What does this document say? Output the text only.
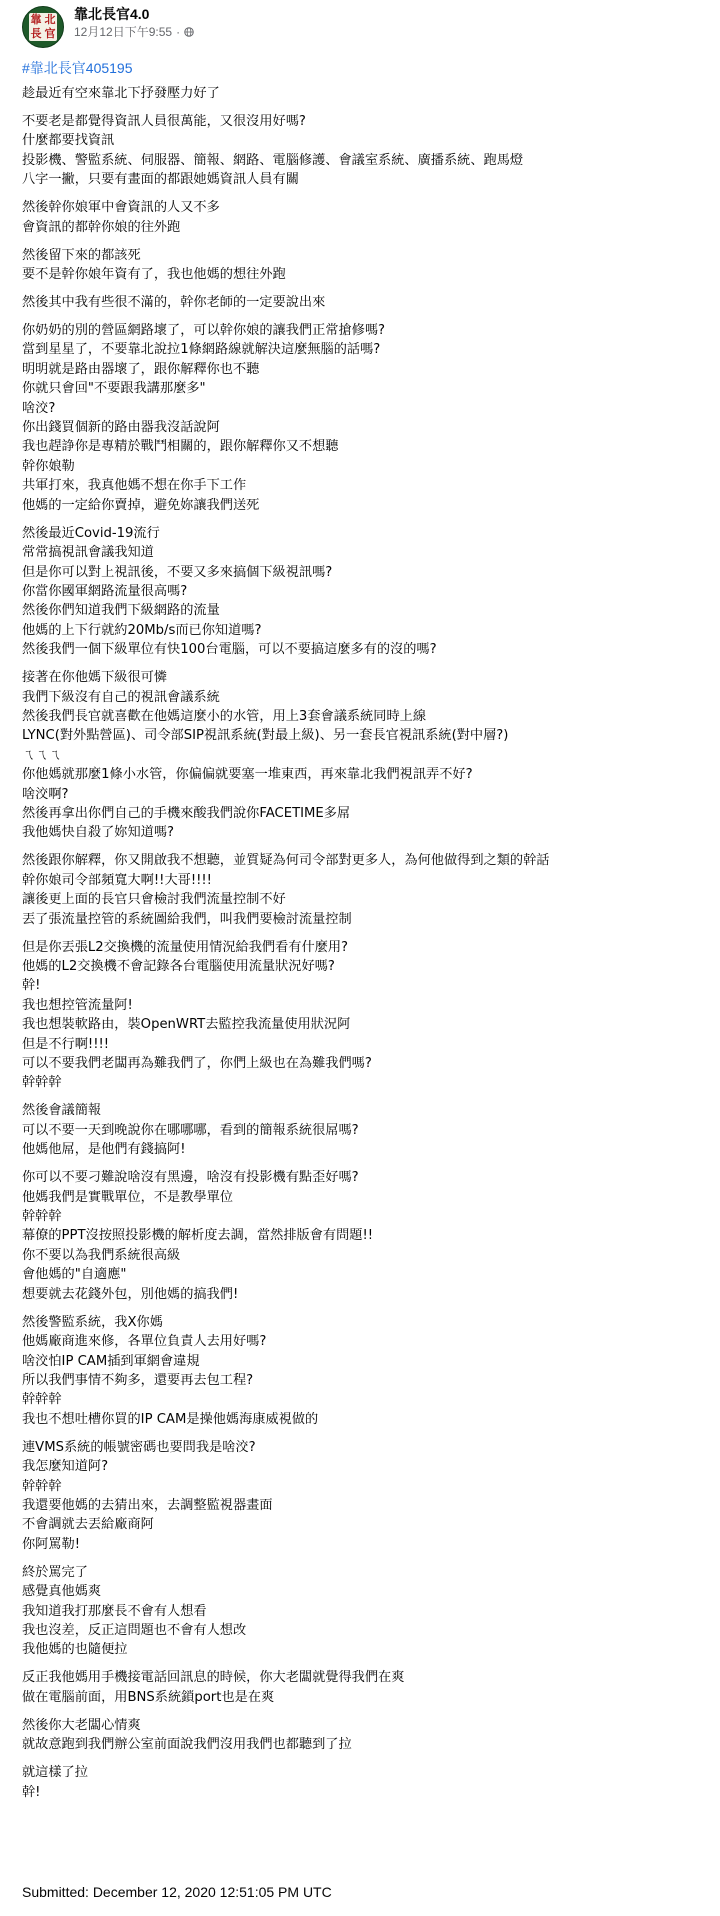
靠 北
長 官
靠北長官4.0
12月12日下午9:55 ·
#靠北長官405195
趁最近有空來靠北下抒發壓力好了
不要老是都覺得資訊人員很萬能，又很沒用好嗎?
什麼都要找資訊
投影機、警監系統、伺服器、簡報、網路、電腦修護、會議室系統、廣播系統、跑馬燈
八字一撇，只要有畫面的都跟她媽資訊人員有關
然後幹你娘軍中會資訊的人又不多
會資訊的都幹你娘的往外跑
然後留下來的都該死
要不是幹你娘年資有了，我也他媽的想往外跑
然後其中我有些很不滿的，幹你老師的一定要說出來
你奶奶的別的營區網路壞了，可以幹你娘的讓我們正常搶修嗎?
當到星星了，不要靠北說拉1條網路線就解決這麼無腦的話嗎?
明明就是路由器壞了，跟你解釋你也不聽
你就只會回"不要跟我講那麼多"
啥洨?
你出錢買個新的路由器我沒話說阿
我也趕諍你是專精於戰鬥相關的，跟你解釋你又不想聽
幹你娘勒
共軍打來，我真他媽不想在你手下工作
他媽的一定給你賣掉，避免妳讓我們送死
然後最近Covid-19流行
常常搞視訊會議我知道
但是你可以對上視訊後，不要又多來搞個下級視訊嗎?
你當你國軍網路流量很高嗎?
然後你們知道我們下級網路的流量
他媽的上下行就約20Mb/s而已你知道嗎?
然後我們一個下級單位有快100台電腦，可以不要搞這麼多有的沒的嗎?
接著在你他媽下級很可憐
我們下級沒有自己的視訊會議系統
然後我們長官就喜歡在他媽這麼小的水管，用上3套會議系統同時上線
LYNC(對外點營區)、司令部SIP視訊系統(對最上級)、另一套長官視訊系統(對中層?)
ㄟㄟㄟ
你他媽就那麼1條小水管，你偏偏就要塞一堆東西，再來靠北我們視訊弄不好?
啥洨啊?
然後再拿出你們自己的手機來酸我們說你FACETIME多屌
我他媽快自殺了妳知道嗎?
然後跟你解釋，你又開啟我不想聽，並質疑為何司令部對更多人，為何他做得到之類的幹話
幹你娘司令部頻寬大啊!!大哥!!!!
讓後更上面的長官只會檢討我們流量控制不好
丟了張流量控管的系統圖給我們，叫我們要檢討流量控制
但是你丟張L2交換機的流量使用情況給我們看有什麼用?
他媽的L2交換機不會記錄各台電腦使用流量狀況好嗎?
幹!
我也想控管流量阿!
我也想裝軟路由，裝OpenWRT去監控我流量使用狀況阿
但是不行啊!!!!
可以不要我們老闆再為難我們了，你們上級也在為難我們嗎?
幹幹幹
然後會議簡報
可以不要一天到晚說你在哪哪哪，看到的簡報系統很屌嗎?
他媽他屌，是他們有錢搞阿!
你可以不要刁難說啥沒有黑邊，啥沒有投影機有點歪好嗎?
他媽我們是實戰單位，不是教學單位
幹幹幹
幕僚的PPT沒按照投影機的解析度去調，當然排版會有問題!!
你不要以為我們系統很高級
會他媽的"自適應"
想要就去花錢外包，別他媽的搞我們!
然後警監系統，我X你媽
他媽廠商進來修，各單位負責人去用好嗎?
啥洨怕IP CAM插到軍網會違規
所以我們事情不夠多，還要再去包工程?
幹幹幹
我也不想吐槽你買的IP CAM是操他媽海康威視做的
連VMS系統的帳號密碼也要問我是啥洨?
我怎麼知道阿?
幹幹幹
我還要他媽的去猜出來，去調整監視器畫面
不會調就去丟給廠商阿
你阿罵勒!
終於罵完了
感覺真他媽爽
我知道我打那麼長不會有人想看
我也沒差，反正這問題也不會有人想改
我他媽的也隨便拉
反正我他媽用手機接電話回訊息的時候，你大老闆就覺得我們在爽
做在電腦前面，用BNS系統鎖port也是在爽
然後你大老闆心情爽
就故意跑到我們辦公室前面說我們沒用我們也都聽到了拉
就這樣了拉
幹!
Submitted: December 12, 2020 12:51:05 PM UTC
